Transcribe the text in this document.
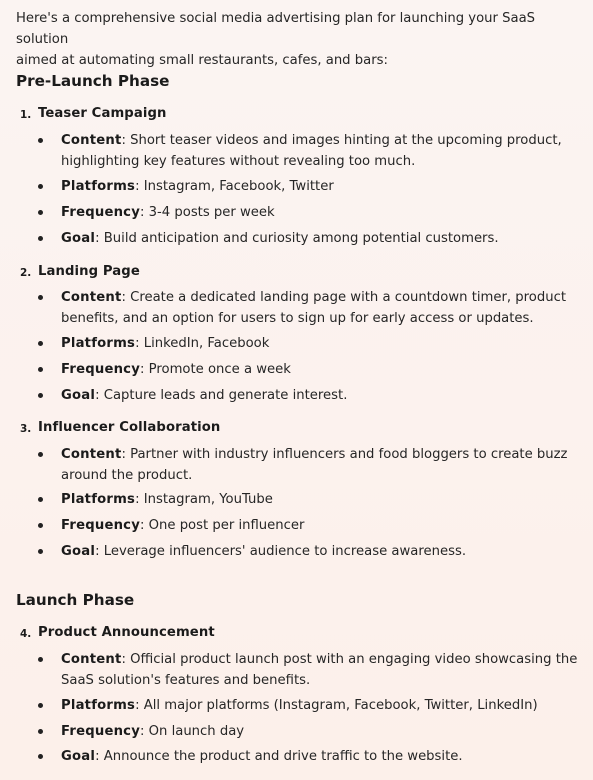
Here's a comprehensive social media advertising plan for launching your SaaS solution
aimed at automating small restaurants, cafes, and bars:
Pre-Launch Phase
1. Teaser Campaign
Content: Short teaser videos and images hinting at the upcoming product,
highlighting key features without revealing too much.
Platforms: Instagram, Facebook, Twitter
Frequency: 3-4 posts per week
Goal: Build anticipation and curiosity among potential customers.
2. Landing Page
Content: Create a dedicated landing page with a countdown timer, product
benefits, and an option for users to sign up for early access or updates.
Platforms: LinkedIn, Facebook
Frequency: Promote once a week
Goal: Capture leads and generate interest.
3. Influencer Collaboration
Content: Partner with industry influencers and food bloggers to create buzz
around the product.
Platforms: Instagram, YouTube
Frequency: One post per influencer
Goal: Leverage influencers' audience to increase awareness.
Launch Phase
4. Product Announcement
Content: Official product launch post with an engaging video showcasing the
SaaS solution's features and benefits.
Platforms: All major platforms (Instagram, Facebook, Twitter, LinkedIn)
Frequency: On launch day
Goal: Announce the product and drive traffic to the website.
